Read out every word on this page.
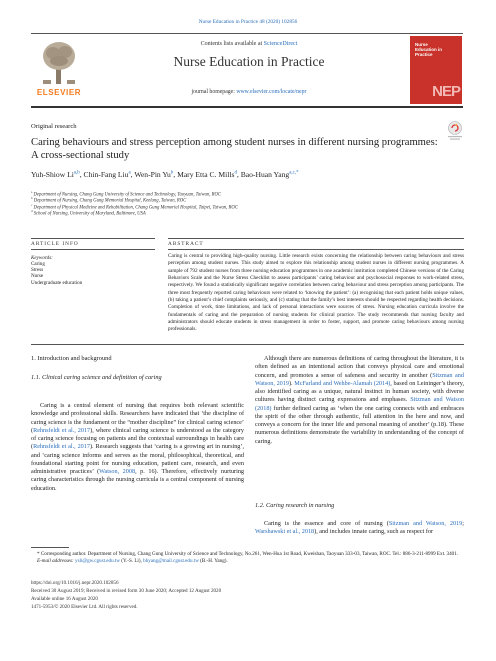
Nurse Education in Practice 48 (2020) 102856
ELSEVIER
Contents lists available at ScienceDirect
Nurse Education in Practice
journal homepage: www.elsevier.com/locate/nepr
Nurse Education in Practice
NEP
Original research
Caring behaviours and stress perception among student nurses in different nursing programmes: A cross-sectional study
Yuh-Shiow Li$^{a,b}$, Chin-Fang Liu$^a$, Wen-Pin Yu$^b$, Mary Etta C. Mills$^d$, Bao-Huan Yang$^{a,c,*}$
$^a$ Department of Nursing, Chang Gung University of Science and Technology, Taoyuan, Taiwan, ROC
$^b$ Department of Nursing, Chang Gung Memorial Hospital, Keelung, Taiwan, ROC
$^c$ Department of Physical Medicine and Rehabilitation, Chang Gung Memorial Hospital, Taipei, Taiwan, ROC
$^d$ School of Nursing, University of Maryland, Baltimore, USA
ARTICLE INFO	ABSTRACT
Keywords:
Caring
Stress
Nurse
Undergraduate education
Caring is central to providing high-quality nursing. Little research exists concerning the relationship between caring behaviours and stress perception among student nurses. This study aimed to explore this relationship among student nurses in different nursing programmes. A sample of 792 student nurses from three nursing education programmes in one academic institution completed Chinese versions of the Caring Behaviors Scale and the Nurse Stress Checklist to assess participants’ caring behaviour and psychosocial responses to work-related stress, respectively. We found a statistically significant negative correlation between caring behaviour and stress perception among participants. The three most frequently reported caring behaviours were related to ‘knowing the patient’: (a) recognising that each patient holds unique values, (b) taking a patient’s chief complaints seriously, and (c) stating that the family’s best interests should be respected regarding health decisions. Completion of work, time limitations, and lack of personal interactions were sources of stress. Nursing education curricula involve the fundamentals of caring and the preparation of nursing students for clinical practice. The study recommends that nursing faculty and administrators should educate students in stress management in order to foster, support, and promote caring behaviours among nursing professionals.
1. Introduction and background
1.1. Clinical caring science and definition of caring

Caring is a central element of nursing that requires both relevant scientific knowledge and professional skills. Researchers have indicated that ‘the discipline of caring science is the fundament or the “mother discipline” for clinical caring science’ (Rehnsfeldt et al., 2017), where clinical caring science is understood as the category of caring science focusing on patients and the contextual surroundings in health care (Rehnsfeldt et al., 2017). Research suggests that ‘caring is a growing art in nursing’, and ‘caring science informs and serves as the moral, philosophical, theoretical, and foundational starting point for nursing education, patient care, research, and even administrative practices’ (Watson, 2008, p. 16). Therefore, effectively nurturing caring characteristics through the nursing curricula is a central component of nursing education.

Although there are numerous definitions of caring throughout the literature, it is often defined as an intentional action that conveys physical care and emotional concern, and promotes a sense of safeness and security in another (Sitzman and Watson, 2019). McFarland and Wehbe-Alamah (2014), based on Leininger’s theory, also identified caring as a unique, natural instinct in human society, with diverse cultures having distinct caring expressions and emphases. Sitzman and Watson (2018) further defined caring as ‘when the one caring connects with and embraces the spirit of the other through authentic, full attention in the here and now, and conveys a concern for the inner life and personal meaning of another’ (p.18). These numerous definitions demonstrate the variability in understanding of the concept of caring.

1.2. Caring research in nursing

Caring is the essence and core of nursing (Sitzman and Watson, 2019; Warshawski et al., 2018), and includes innate caring, such as respect for

* Corresponding author. Department of Nursing, Chang Gung University of Science and Technology, No.261, Wen-Hua 1st Road, Kweishan, Taoyuan 333-03, Taiwan, ROC. Tel.: 886-3-211-8999 Ext. 3401.
E-mail addresses: ysli@gw.cgust.edu.tw (Y.-S. Li), bhyang@mail.cgust.edu.tw (B.-H. Yang).
https://doi.org/10.1016/j.nepr.2020.102856
Received 30 August 2019; Received in revised form 30 June 2020; Accepted 12 August 2020
Available online 16 August 2020
1471-5953/© 2020 Elsevier Ltd. All rights reserved.
